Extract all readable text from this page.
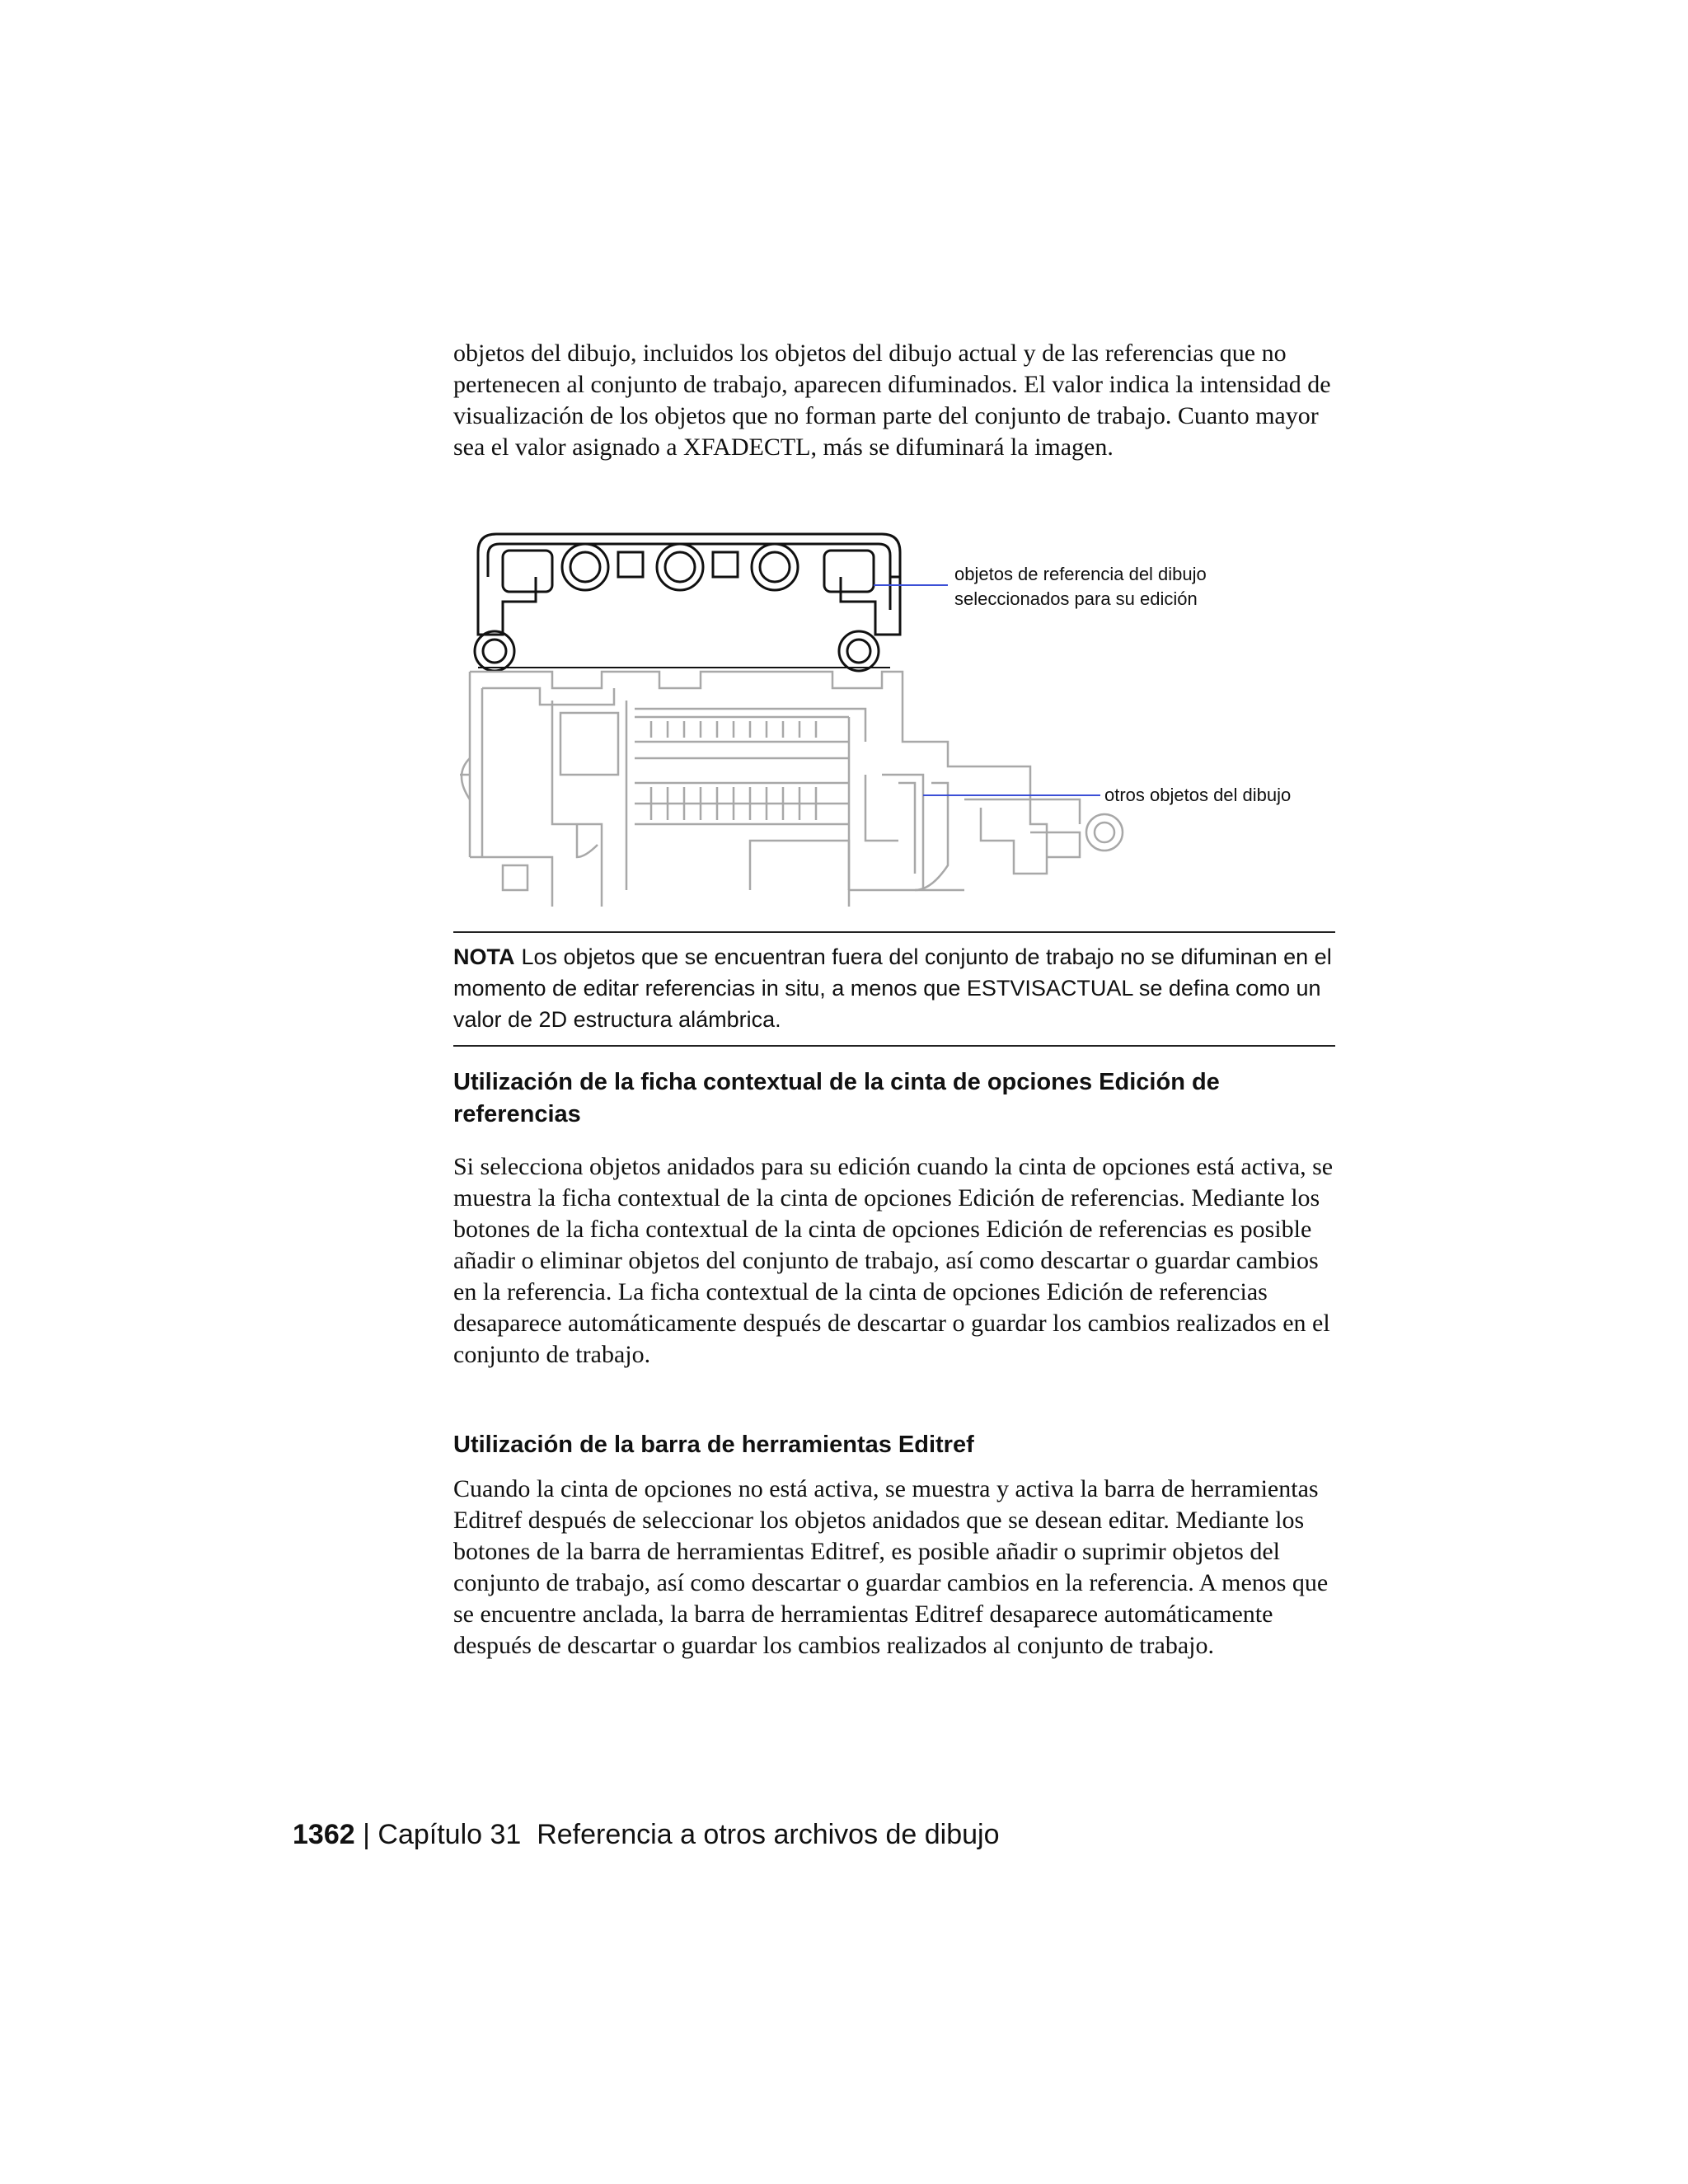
objetos del dibujo, incluidos los objetos del dibujo actual y de las referencias que no pertenecen al conjunto de trabajo, aparecen difuminados. El valor indica la intensidad de visualización de los objetos que no forman parte del conjunto de trabajo. Cuanto mayor sea el valor asignado a XFADECTL, más se difuminará la imagen.

objetos de referencia del dibujo
seleccionados para su edición
otros objetos del dibujo
NOTA Los objetos que se encuentran fuera del conjunto de trabajo no se difuminan en el momento de editar referencias in situ, a menos que ESTVISACTUAL se defina como un valor de 2D estructura alámbrica.
Utilización de la ficha contextual de la cinta de opciones Edición de referencias

Si selecciona objetos anidados para su edición cuando la cinta de opciones está activa, se muestra la ficha contextual de la cinta de opciones Edición de referencias. Mediante los botones de la ficha contextual de la cinta de opciones Edición de referencias es posible añadir o eliminar objetos del conjunto de trabajo, así como descartar o guardar cambios en la referencia. La ficha contextual de la cinta de opciones Edición de referencias desaparece automáticamente después de descartar o guardar los cambios realizados en el conjunto de trabajo.

Utilización de la barra de herramientas Editref

Cuando la cinta de opciones no está activa, se muestra y activa la barra de herramientas Editref después de seleccionar los objetos anidados que se desean editar. Mediante los botones de la barra de herramientas Editref, es posible añadir o suprimir objetos del conjunto de trabajo, así como descartar o guardar cambios en la referencia. A menos que se encuentre anclada, la barra de herramientas Editref desaparece automáticamente después de descartar o guardar los cambios realizados al conjunto de trabajo.

1362 | Capítulo 31 Referencia a otros archivos de dibujo
